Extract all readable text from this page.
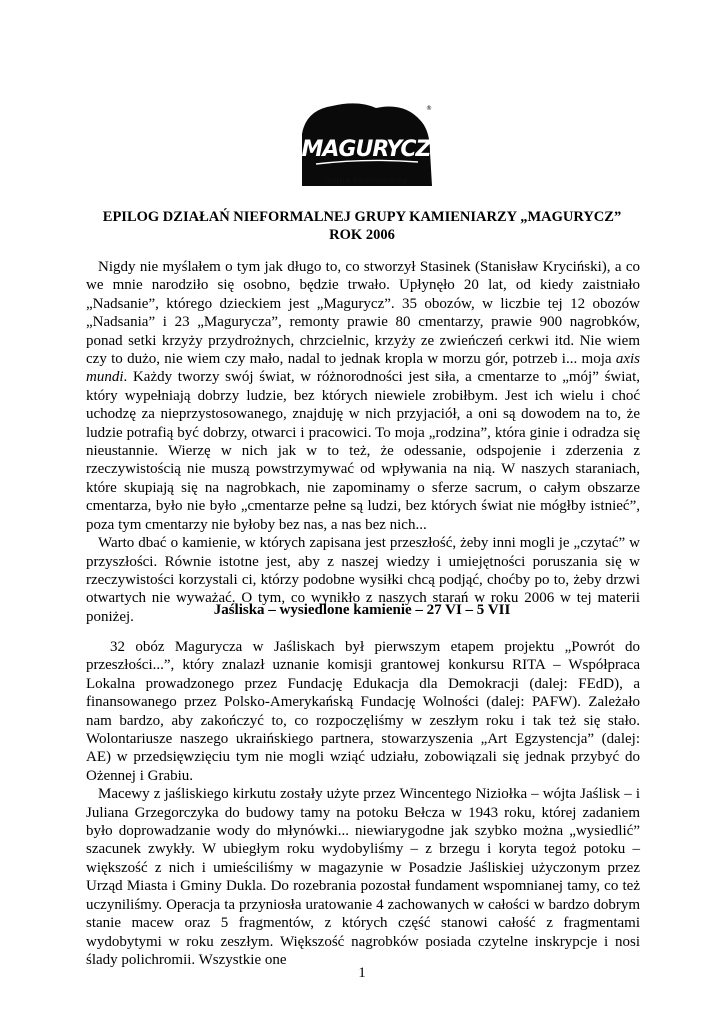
MAGURYCZ
®
grupa kamieniarzy
EPILOG DZIAŁAŃ NIEFORMALNEJ GRUPY KAMIENIARZY „MAGURYCZ”
ROK 2006

Nigdy nie myślałem o tym jak długo to, co stworzył Stasinek (Stanisław Kryciński), a co we mnie narodziło się osobno, będzie trwało. Upłynęło 20 lat, od kiedy zaistniało „Nadsanie”, którego dzieckiem jest „Magurycz”. 35 obozów, w liczbie tej 12 obozów „Nadsania” i 23 „Magurycza”, remonty prawie 80 cmentarzy, prawie 900 nagrobków, ponad setki krzyży przydrożnych, chrzcielnic, krzyży ze zwieńczeń cerkwi itd. Nie wiem czy to dużo, nie wiem czy mało, nadal to jednak kropla w morzu gór, potrzeb i... moja axis mundi. Każdy tworzy swój świat, w różnorodności jest siła, a cmentarze to „mój” świat, który wypełniają dobrzy ludzie, bez których niewiele zrobiłbym. Jest ich wielu i choć uchodzę za nieprzystosowanego, znajduję w nich przyjaciół, a oni są dowodem na to, że ludzie potrafią być dobrzy, otwarci i pracowici. To moja „rodzina”, która ginie i odradza się nieustannie. Wierzę w nich jak w to też, że odessanie, odspojenie i zderzenia z rzeczywistością nie muszą powstrzymywać od wpływania na nią. W naszych staraniach, które skupiają się na nagrobkach, nie zapominamy o sferze sacrum, o całym obszarze cmentarza, było nie było „cmentarze pełne są ludzi, bez których świat nie mógłby istnieć”, poza tym cmentarzy nie byłoby bez nas, a nas bez nich...

Warto dbać o kamienie, w których zapisana jest przeszłość, żeby inni mogli je „czytać” w przyszłości. Równie istotne jest, aby z naszej wiedzy i umiejętności poruszania się w rzeczywistości korzystali ci, którzy podobne wysiłki chcą podjąć, choćby po to, żeby drzwi otwartych nie wyważać. O tym, co wynikło z naszych starań w roku 2006 w tej materii poniżej.	Jaśliska – wysiedlone kamienie – 27 VI – 5 VII

32 obóz Magurycza w Jaśliskach był pierwszym etapem projektu „Powrót do przeszłości...”, który znalazł uznanie komisji grantowej konkursu RITA – Współpraca Lokalna prowadzonego przez Fundację Edukacja dla Demokracji (dalej: FEdD), a finansowanego przez Polsko-Amerykańską Fundację Wolności (dalej: PAFW). Zależało nam bardzo, aby zakończyć to, co rozpoczęliśmy w zeszłym roku i tak też się stało. Wolontariusze naszego ukraińskiego partnera, stowarzyszenia „Art Egzystencja” (dalej: AE) w przedsięwzięciu tym nie mogli wziąć udziału, zobowiązali się jednak przybyć do Ożennej i Grabiu.

Macewy z jaśliskiego kirkutu zostały użyte przez Wincentego Niziołka – wójta Jaślisk – i Juliana Grzegorczyka do budowy tamy na potoku Bełcza w 1943 roku, której zadaniem było doprowadzanie wody do młynówki... niewiarygodne jak szybko można „wysiedlić” szacunek zwykły. W ubiegłym roku wydobyliśmy – z brzegu i koryta tegoż potoku – większość z nich i umieściliśmy w magazynie w Posadzie Jaśliskiej użyczonym przez Urząd Miasta i Gminy Dukla. Do rozebrania pozostał fundament wspomnianej tamy, co też uczyniliśmy. Operacja ta przyniosła uratowanie 4 zachowanych w całości w bardzo dobrym stanie macew oraz 5 fragmentów, z których część stanowi całość z fragmentami wydobytymi w roku zeszłym. Większość nagrobków posiada czytelne inskrypcje i nosi ślady polichromii. Wszystkie one

1
